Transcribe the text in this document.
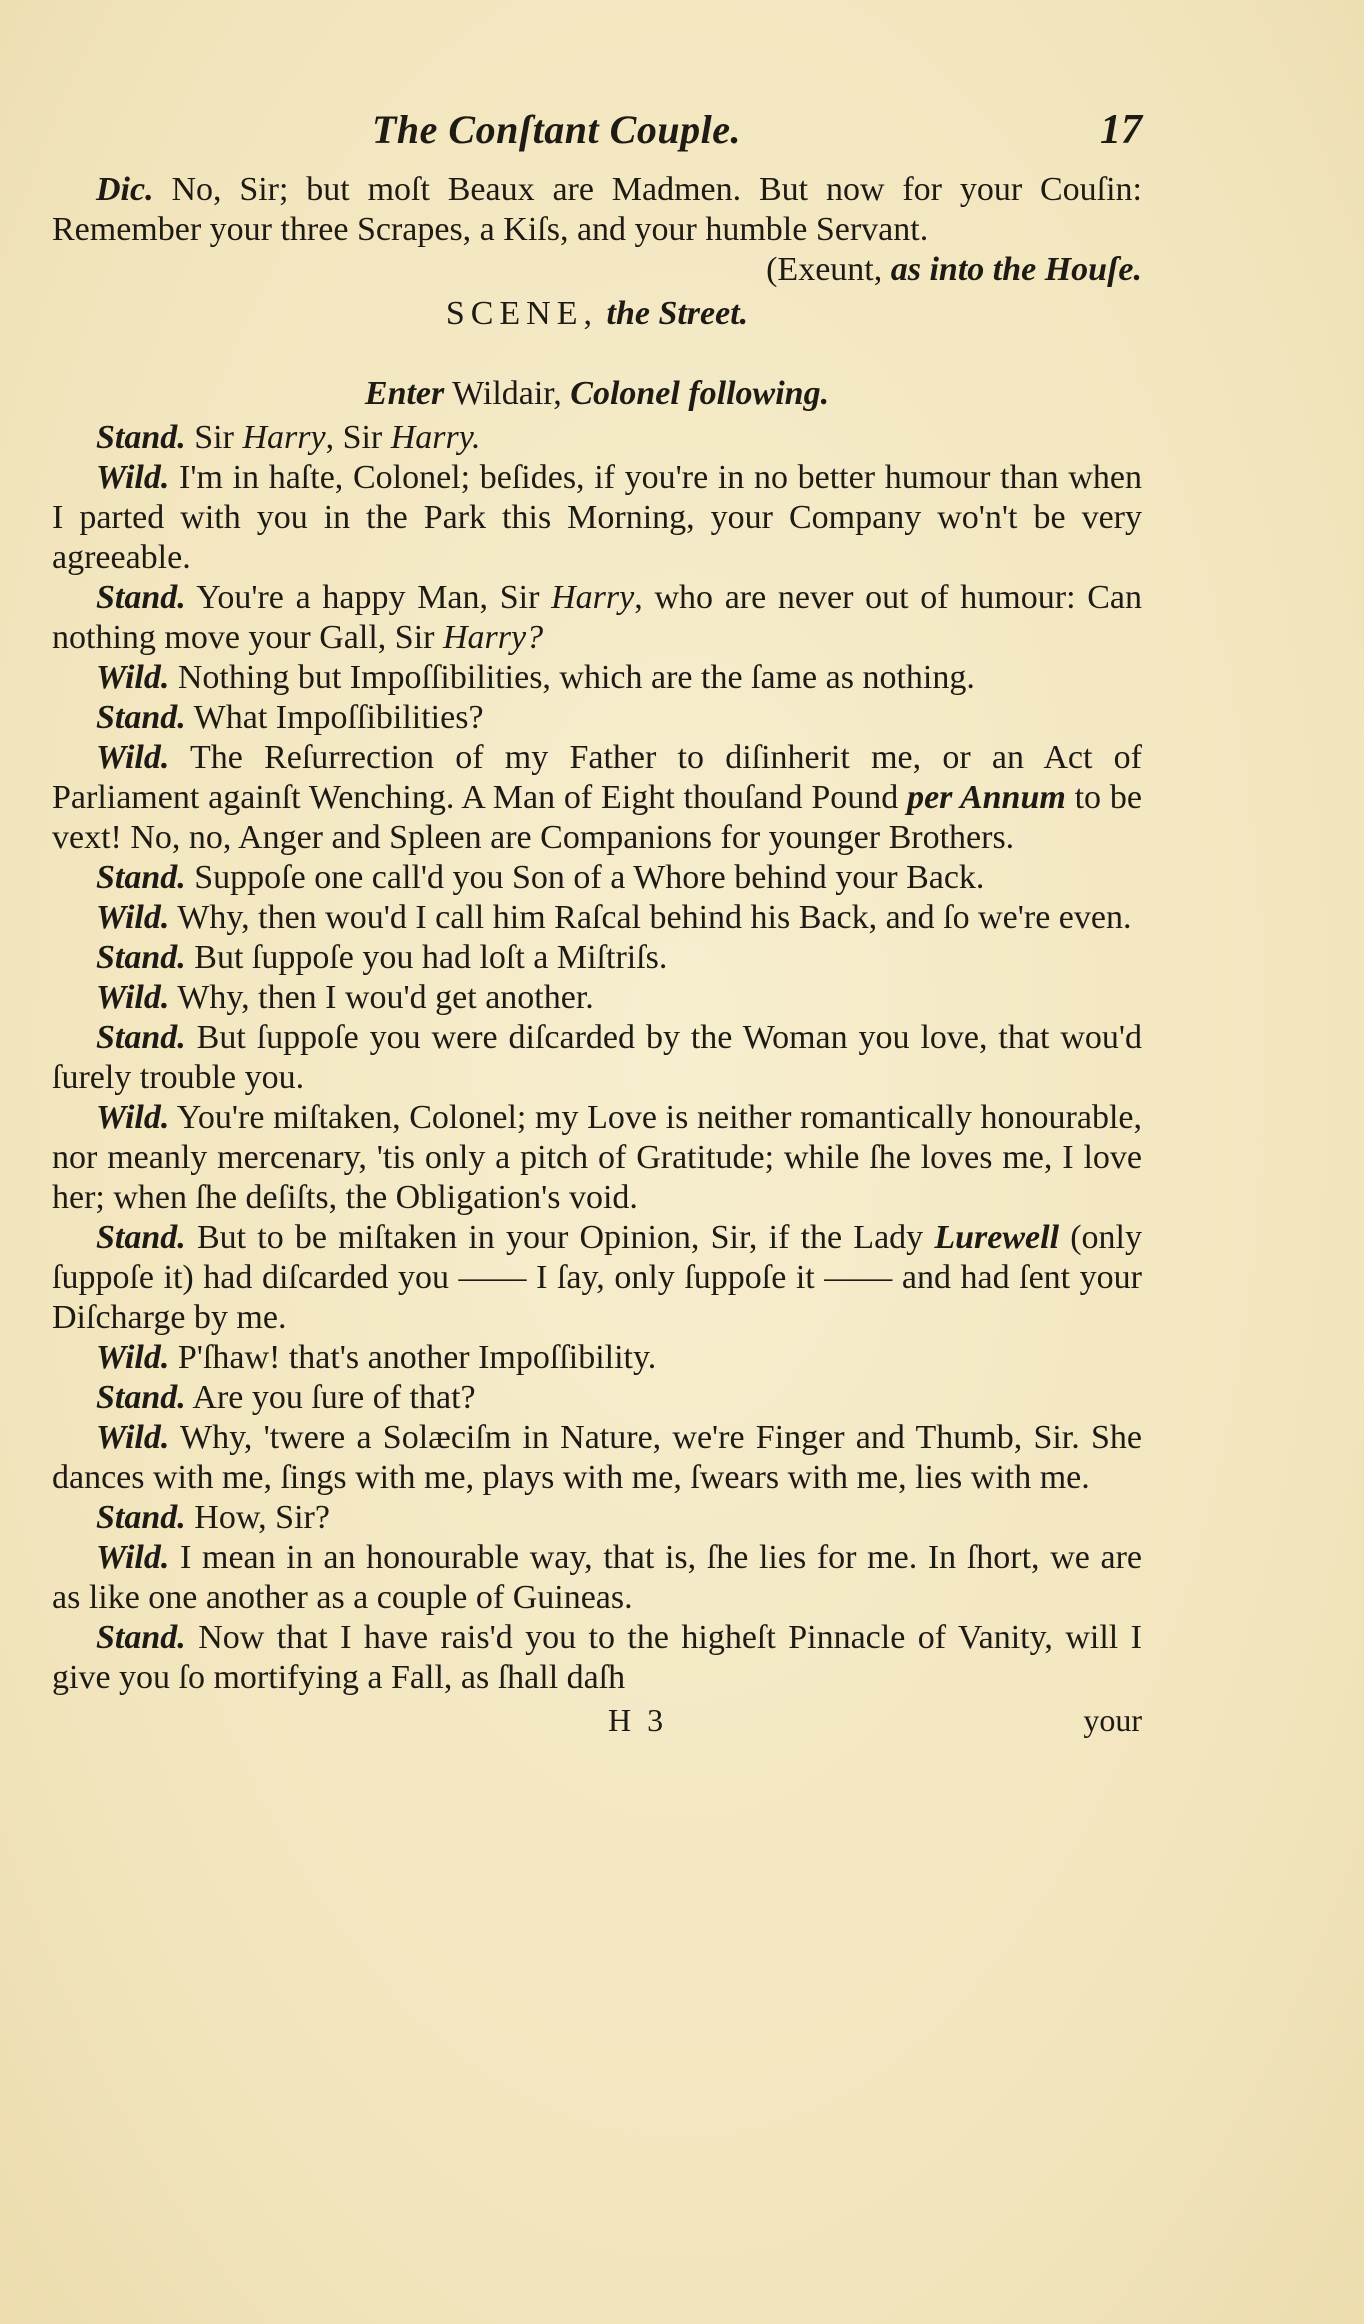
The Conſtant Couple.	17

Dic. No, Sir; but moſt Beaux are Madmen. But now for your Couſin: Remember your three Scrapes, a Kiſs, and your humble Servant.
(Exeunt, as into the Houſe.

SCENE, the Street.

Enter Wildair, Colonel following.

Stand. Sir Harry, Sir Harry.

Wild. I'm in haſte, Colonel; beſides, if you're in no better humour than when I parted with you in the Park this Morning, your Company wo'n't be very agreeable.

Stand. You're a happy Man, Sir Harry, who are never out of humour: Can nothing move your Gall, Sir Harry?

Wild. Nothing but Impoſſibilities, which are the ſame as nothing.

Stand. What Impoſſibilities?

Wild. The Reſurrection of my Father to diſinherit me, or an Act of Parliament againſt Wenching. A Man of Eight thouſand Pound per Annum to be vext! No, no, Anger and Spleen are Companions for younger Brothers.

Stand. Suppoſe one call'd you Son of a Whore behind your Back.

Wild. Why, then wou'd I call him Raſcal behind his Back, and ſo we're even.

Stand. But ſuppoſe you had loſt a Miſtriſs.

Wild. Why, then I wou'd get another.

Stand. But ſuppoſe you were diſcarded by the Woman you love, that wou'd ſurely trouble you.

Wild. You're miſtaken, Colonel; my Love is neither romantically honourable, nor meanly mercenary, 'tis only a pitch of Gratitude; while ſhe loves me, I love her; when ſhe deſiſts, the Obligation's void.

Stand. But to be miſtaken in your Opinion, Sir, if the Lady Lurewell (only ſuppoſe it) had diſcarded you —— I ſay, only ſuppoſe it —— and had ſent your Diſcharge by me.

Wild. P'ſhaw! that's another Impoſſibility.

Stand. Are you ſure of that?

Wild. Why, 'twere a Solæciſm in Nature, we're Finger and Thumb, Sir. She dances with me, ſings with me, plays with me, ſwears with me, lies with me.

Stand. How, Sir?

Wild. I mean in an honourable way, that is, ſhe lies for me. In ſhort, we are as like one another as a couple of Guineas.

Stand. Now that I have rais'd you to the higheſt Pinnacle of Vanity, will I give you ſo mortifying a Fall, as ſhall daſh

H 3	your
